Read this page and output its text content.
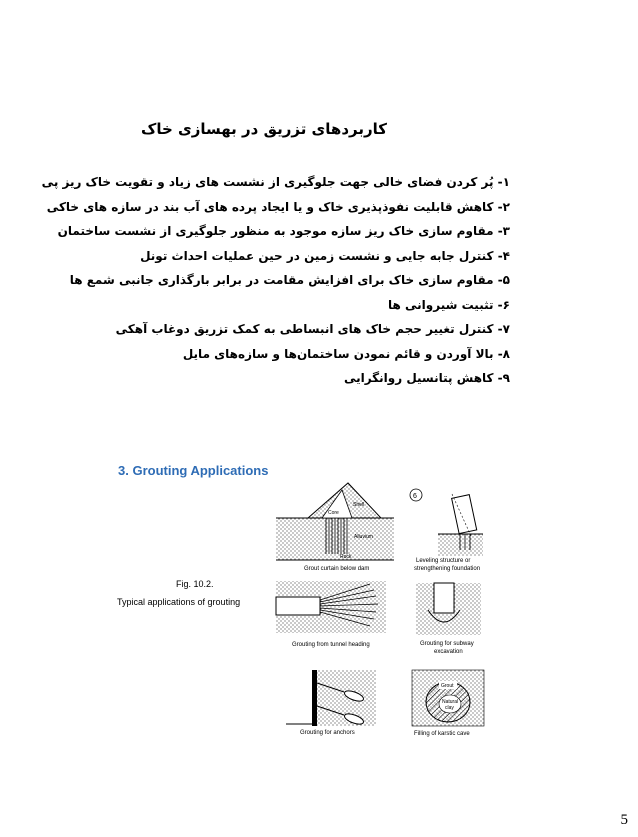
کاربردهای تزریق در بهسازی خاک
۱- پُر کردن فضای خالی جهت جلوگیری از نشست های زیاد و تقویت خاک ریز پی
۲- کاهش قابلیت نفوذپذیری خاک و یا ایجاد پرده های آب بند در سازه های خاکی
۳- مقاوم سازی خاک ریز سازه موجود به منظور جلوگیری از نشست ساختمان
۴- کنترل جابه جایی و نشست زمین در حین عملیات احداث تونل
۵- مقاوم سازی خاک برای افزایش مقامت در برابر بارگذاری جانبی شمع ها
۶- تثبیت شیروانی ها
۷- کنترل تغییر حجم خاک های انبساطی به کمک تزریق دوغاب آهکی
۸- بالا آوردن و قائم نمودن ساختمان‌ها و سازه‌های مایل
۹- کاهش پتانسیل روانگرایی
3. Grouting Applications
Fig. 10.2.
Typical applications of grouting
Shell
Core
Alluvium
Rock
Grout curtain below dam
6
Leveling structure or
strengthening foundation
Grouting from tunnel heading	Grouting for subway
excavation
Grouting for anchors
Grout
Natural
clay
Filling of karstic cave
5
